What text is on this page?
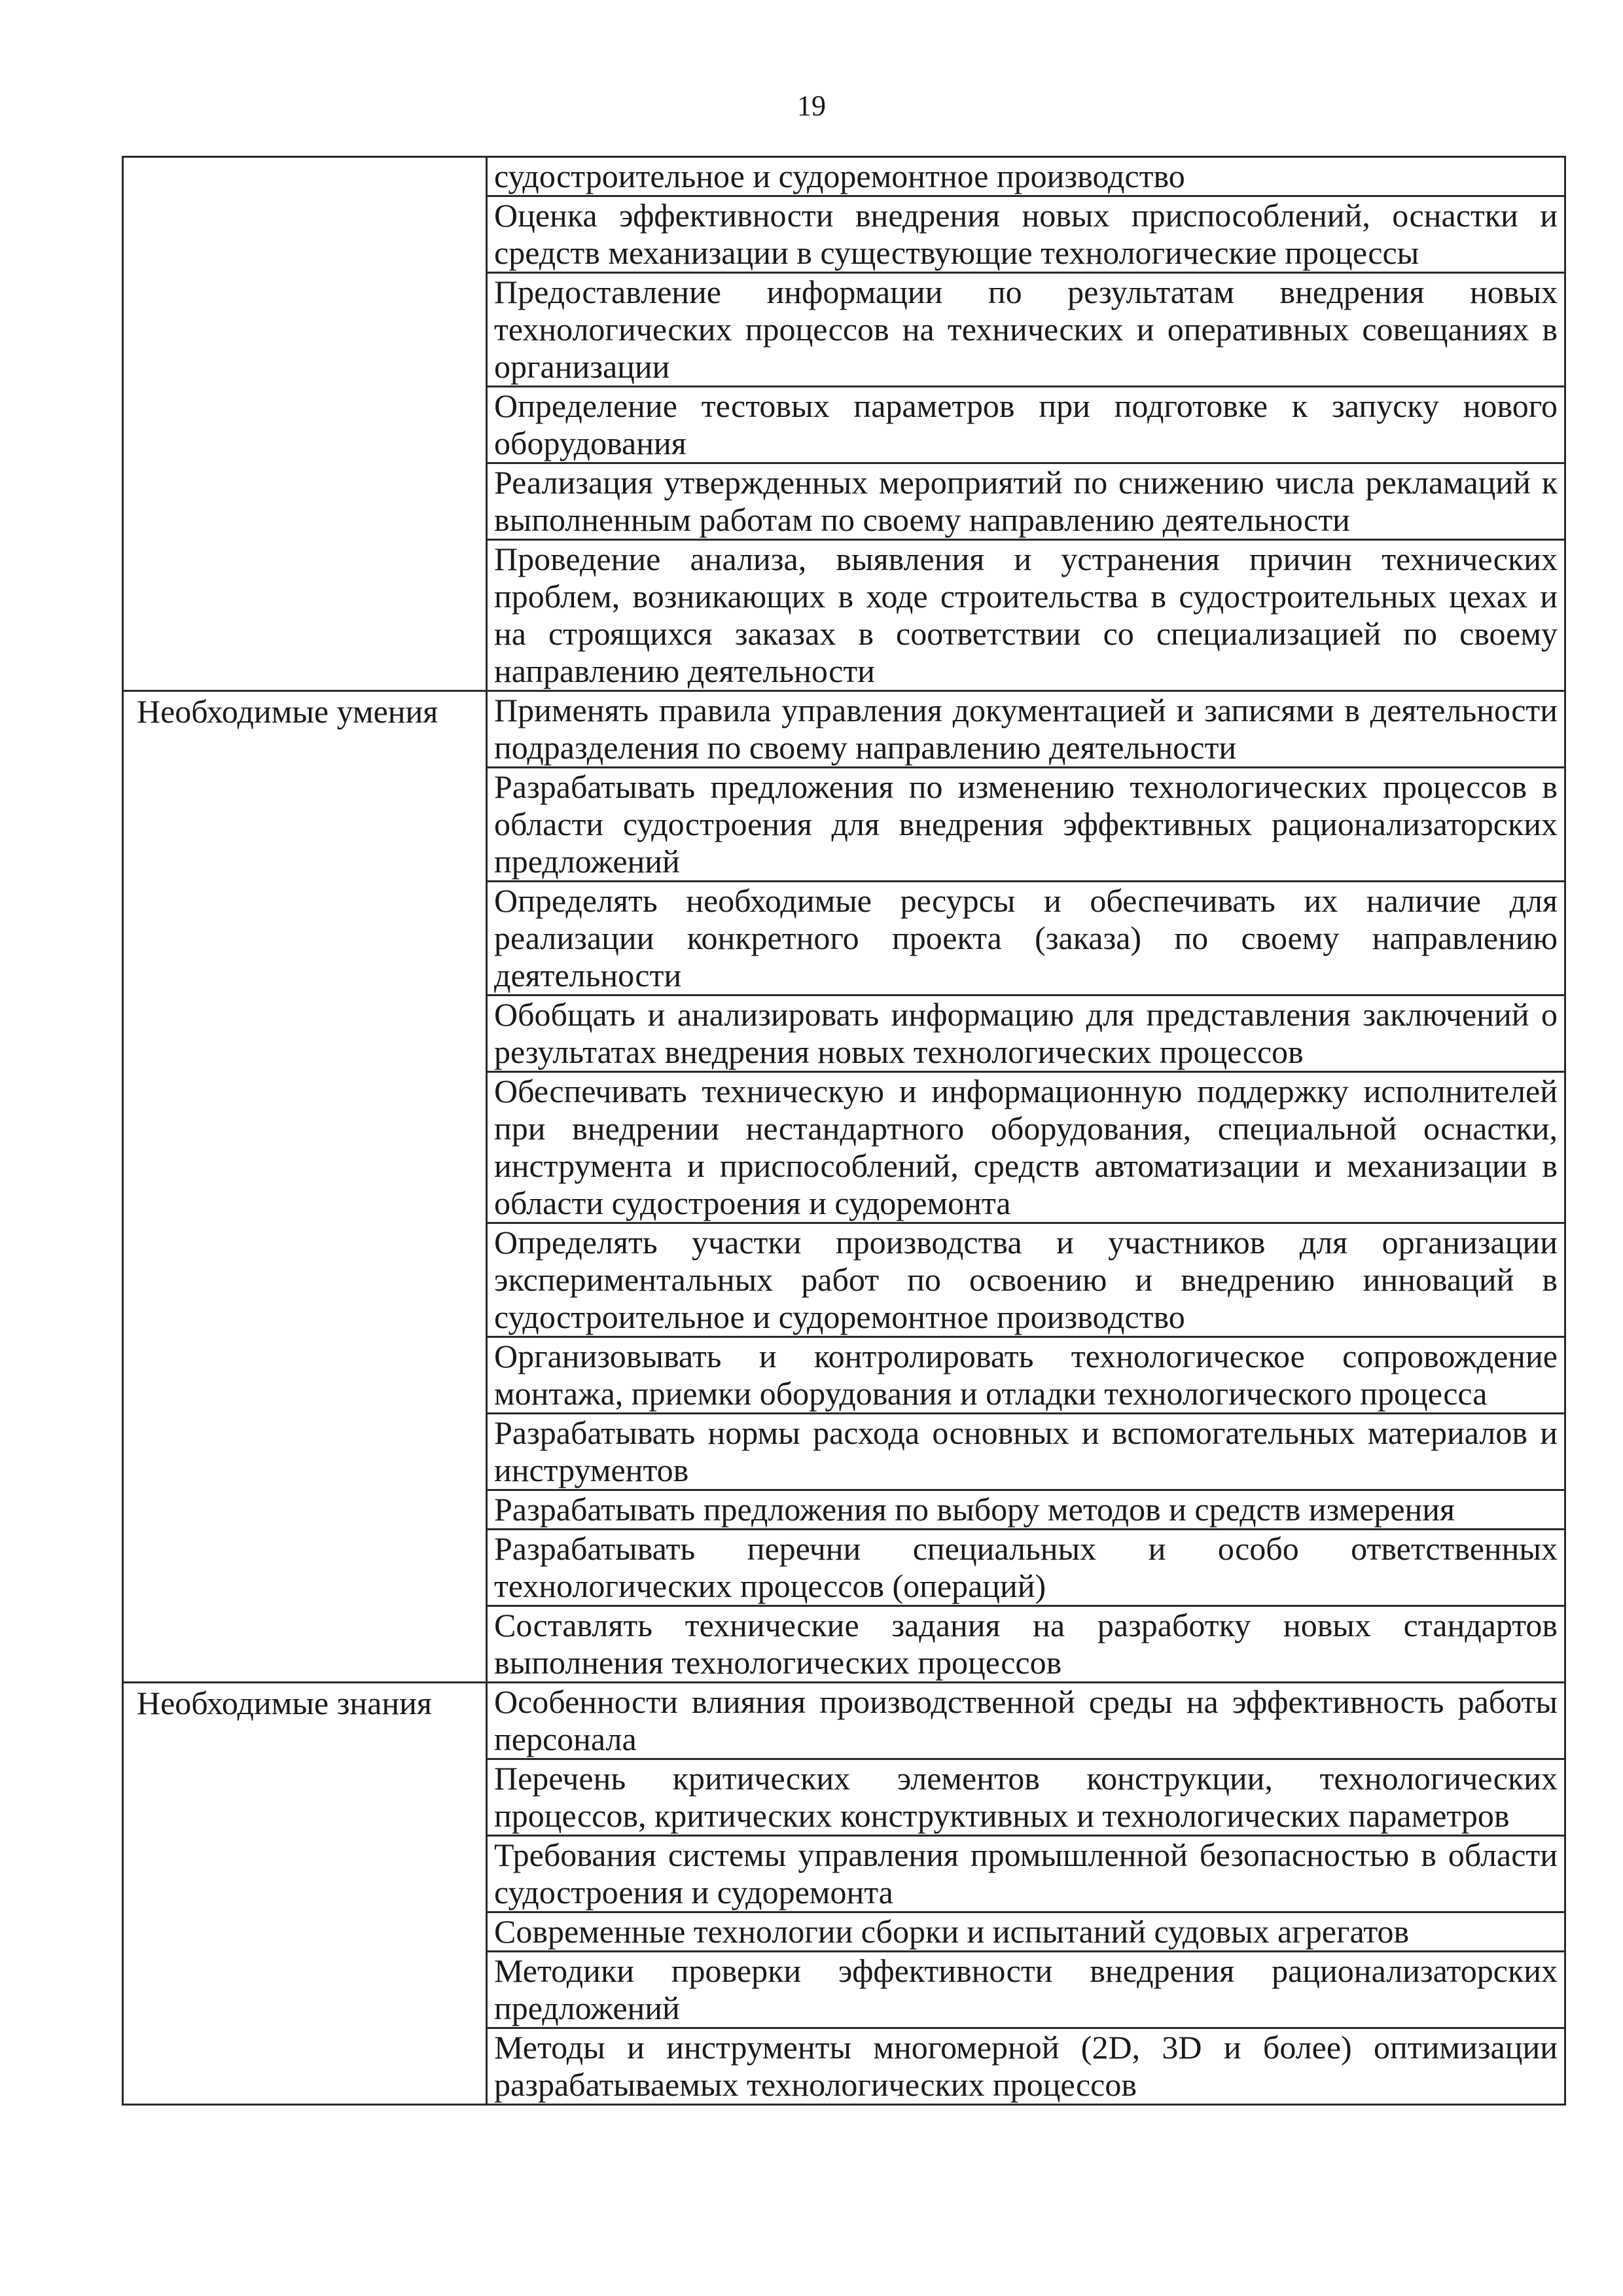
19
	судостроительное и судоремонтное производство
	Оценка эффективности внедрения новых приспособлений, оснастки и средств механизации в существующие технологические процессы
	Предоставление информации по результатам внедрения новых технологических процессов на технических и оперативных совещаниях в организации
	Определение тестовых параметров при подготовке к запуску нового оборудования
	Реализация утвержденных мероприятий по снижению числа рекламаций к выполненным работам по своему направлению деятельности
	Проведение анализа, выявления и устранения причин технических проблем, возникающих в ходе строительства в судостроительных цехах и на строящихся заказах в соответствии со специализацией по своему направлению деятельности
Необходимые умения	Применять правила управления документацией и записями в деятельности подразделения по своему направлению деятельности
	Разрабатывать предложения по изменению технологических процессов в области судостроения для внедрения эффективных рационализаторских предложений
	Определять необходимые ресурсы и обеспечивать их наличие для реализации конкретного проекта (заказа) по своему направлению деятельности
	Обобщать и анализировать информацию для представления заключений о результатах внедрения новых технологических процессов
	Обеспечивать техническую и информационную поддержку исполнителей при внедрении нестандартного оборудования, специальной оснастки, инструмента и приспособлений, средств автоматизации и механизации в области судостроения и судоремонта
	Определять участки производства и участников для организации экспериментальных работ по освоению и внедрению инноваций в судостроительное и судоремонтное производство
	Организовывать и контролировать технологическое сопровождение монтажа, приемки оборудования и отладки технологического процесса
	Разрабатывать нормы расхода основных и вспомогательных материалов и инструментов
	Разрабатывать предложения по выбору методов и средств измерения
	Разрабатывать перечни специальных и особо ответственных технологических процессов (операций)
	Составлять технические задания на разработку новых стандартов выполнения технологических процессов
Необходимые знания	Особенности влияния производственной среды на эффективность работы персонала
	Перечень критических элементов конструкции, технологических процессов, критических конструктивных и технологических параметров
	Требования системы управления промышленной безопасностью в области судостроения и судоремонта
	Современные технологии сборки и испытаний судовых агрегатов
	Методики проверки эффективности внедрения рационализаторских предложений
	Методы и инструменты многомерной (2D, 3D и более) оптимизации разрабатываемых технологических процессов
